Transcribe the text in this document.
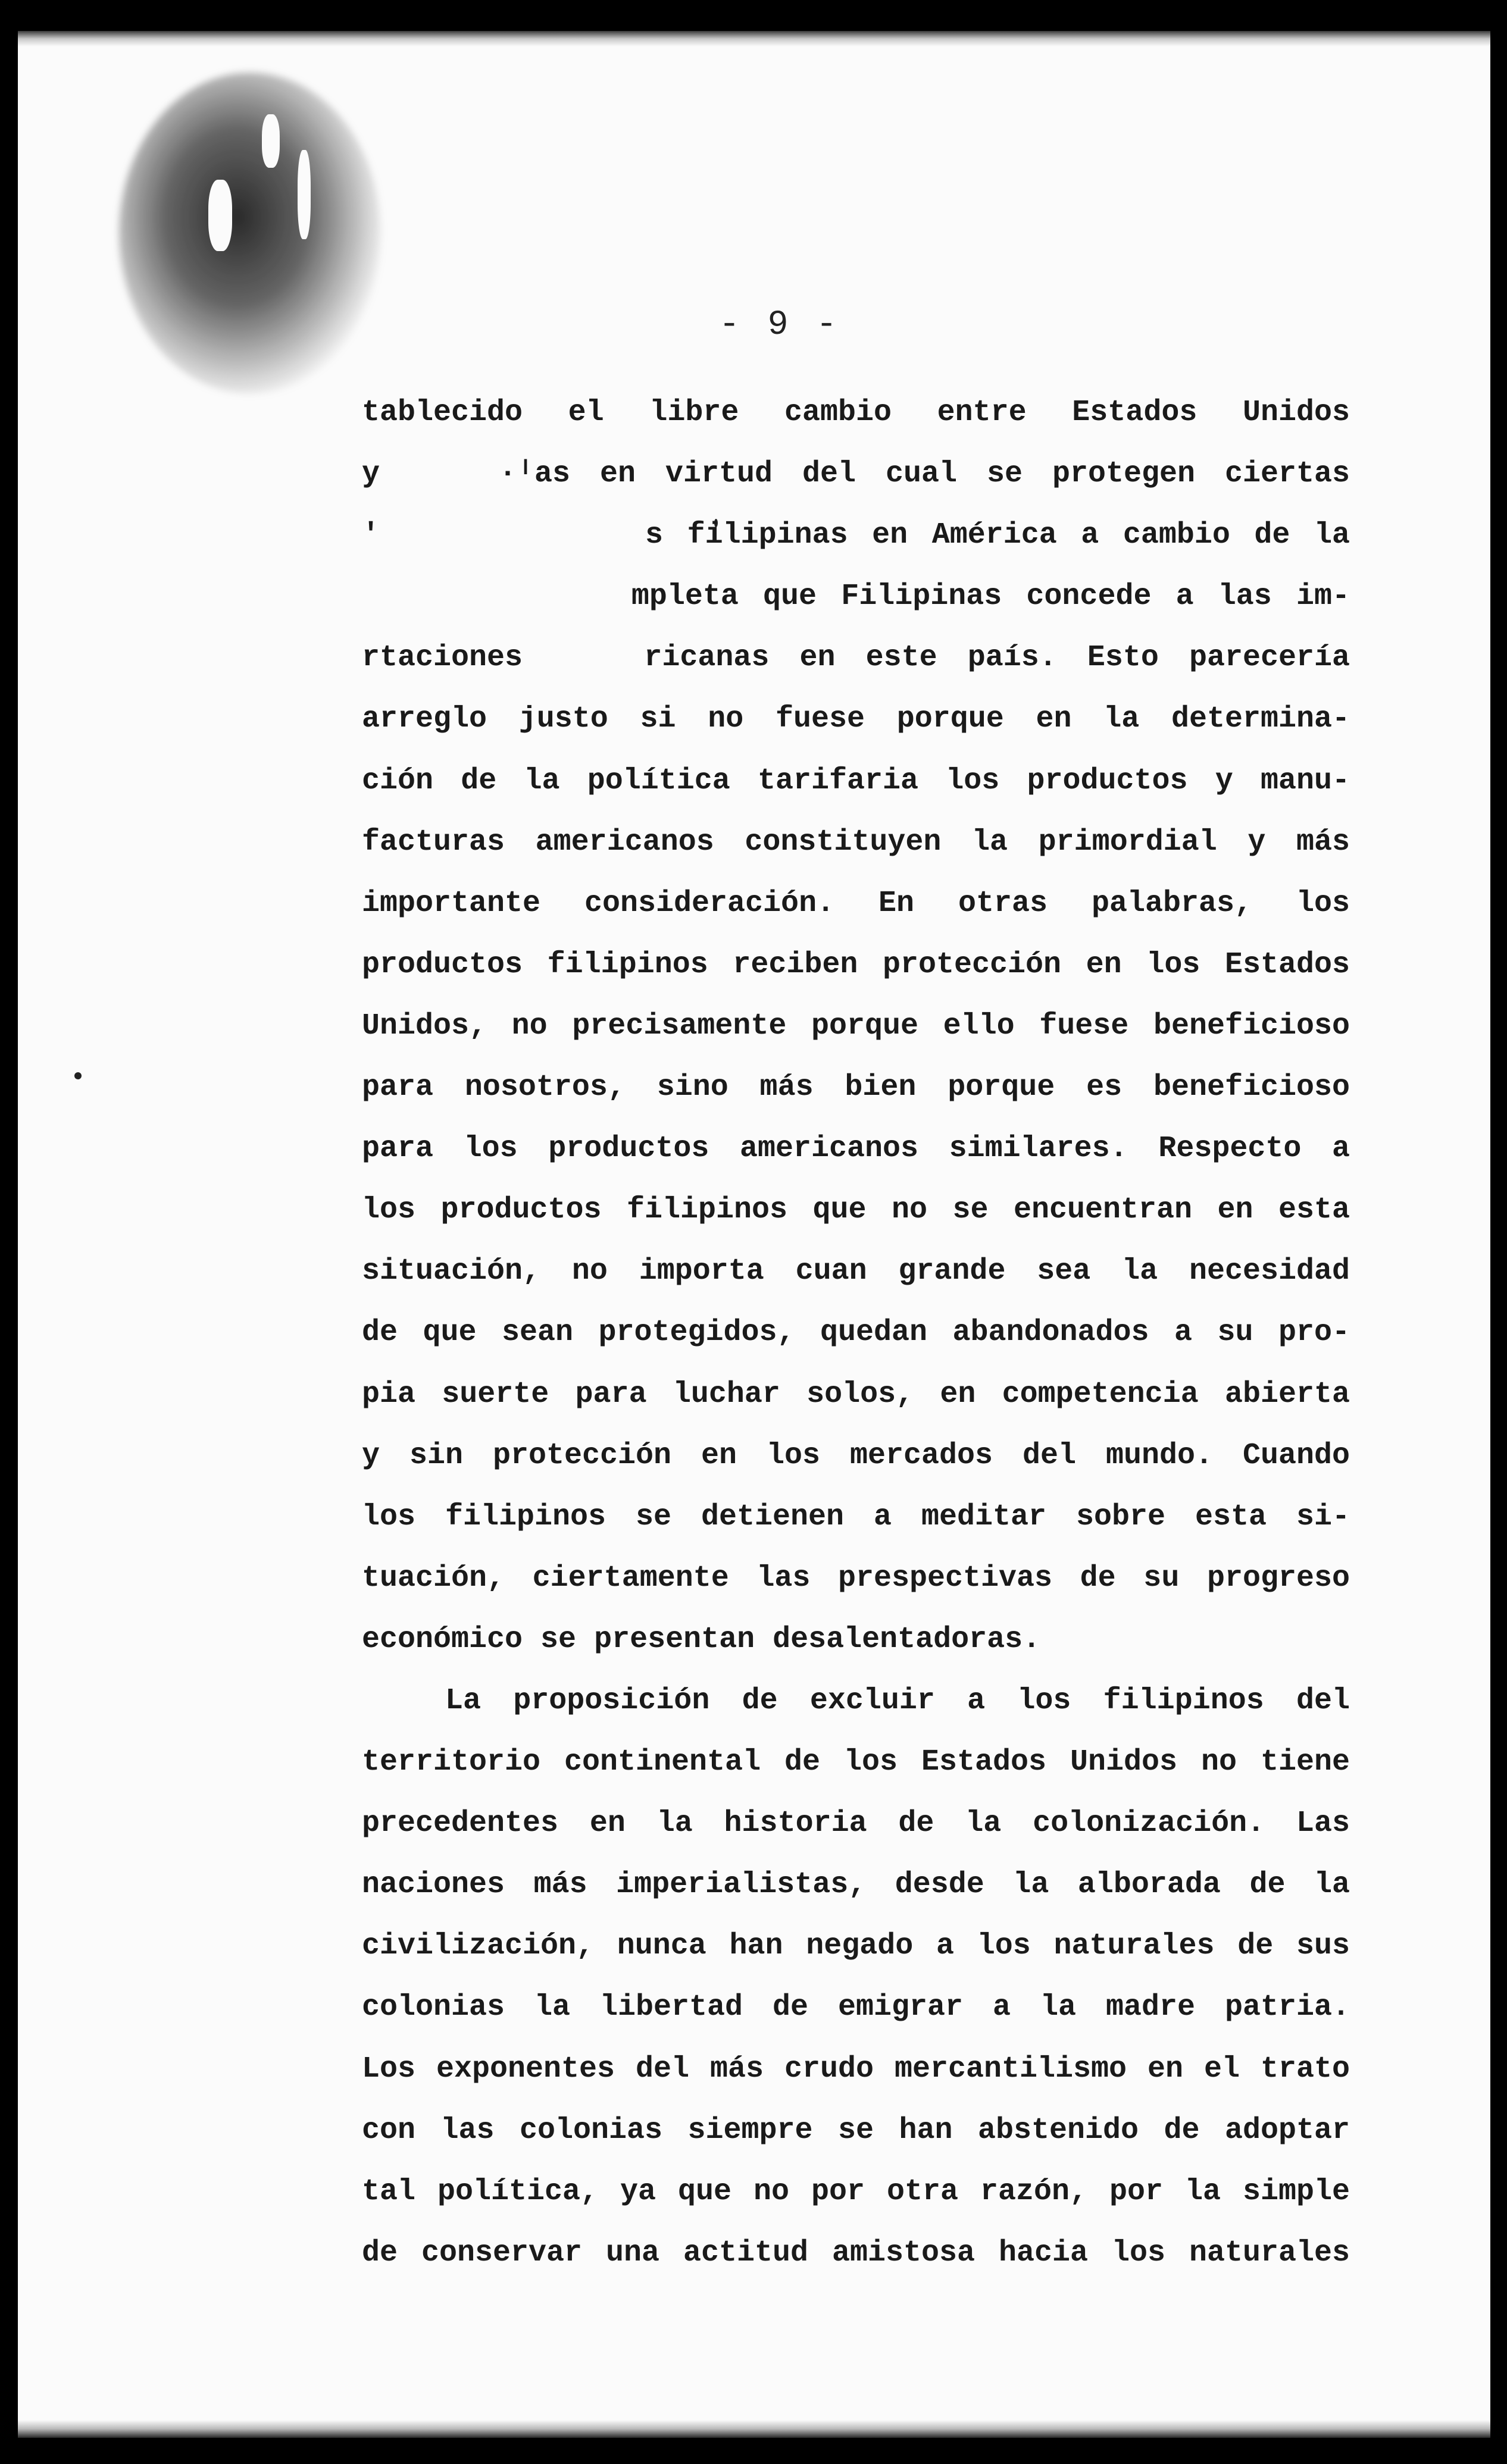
- 9 -
tablecido el libre cambio entre Estados Unidos
y    ·ˡas en virtud del cual se protegen ciertas
'           s filipinas en América a cambio de la
mpleta que Filipinas concede a las im-
rtaciones    ricanas en este país. Esto parecería
arreglo justo si no fuese porque en la determina-
ción de la política tarifaria los productos y manu-
facturas americanos constituyen la primordial y más
importante consideración. En otras palabras, los
productos filipinos reciben protección en los Estados
Unidos, no precisamente porque ello fuese beneficioso
para nosotros, sino más bien porque es beneficioso
para los productos americanos similares. Respecto a
los productos filipinos que no se encuentran en esta
situación, no importa cuan grande sea la necesidad
de que sean protegidos, quedan abandonados a su pro-
pia suerte para luchar solos, en competencia abierta
y sin protección en los mercados del mundo. Cuando
los filipinos se detienen a meditar sobre esta si-
tuación, ciertamente las prespectivas de su progreso
económico se presentan desalentadoras.
La proposición de excluir a los filipinos del
territorio continental de los Estados Unidos no tiene
precedentes en la historia de la colonización. Las
naciones más imperialistas, desde la alborada de la
civilización, nunca han negado a los naturales de sus
colonias la libertad de emigrar a la madre patria.
Los exponentes del más crudo mercantilismo en el trato
con las colonias siempre se han abstenido de adoptar
tal política, ya que no por otra razón, por la simple
de conservar una actitud amistosa hacia los naturales
